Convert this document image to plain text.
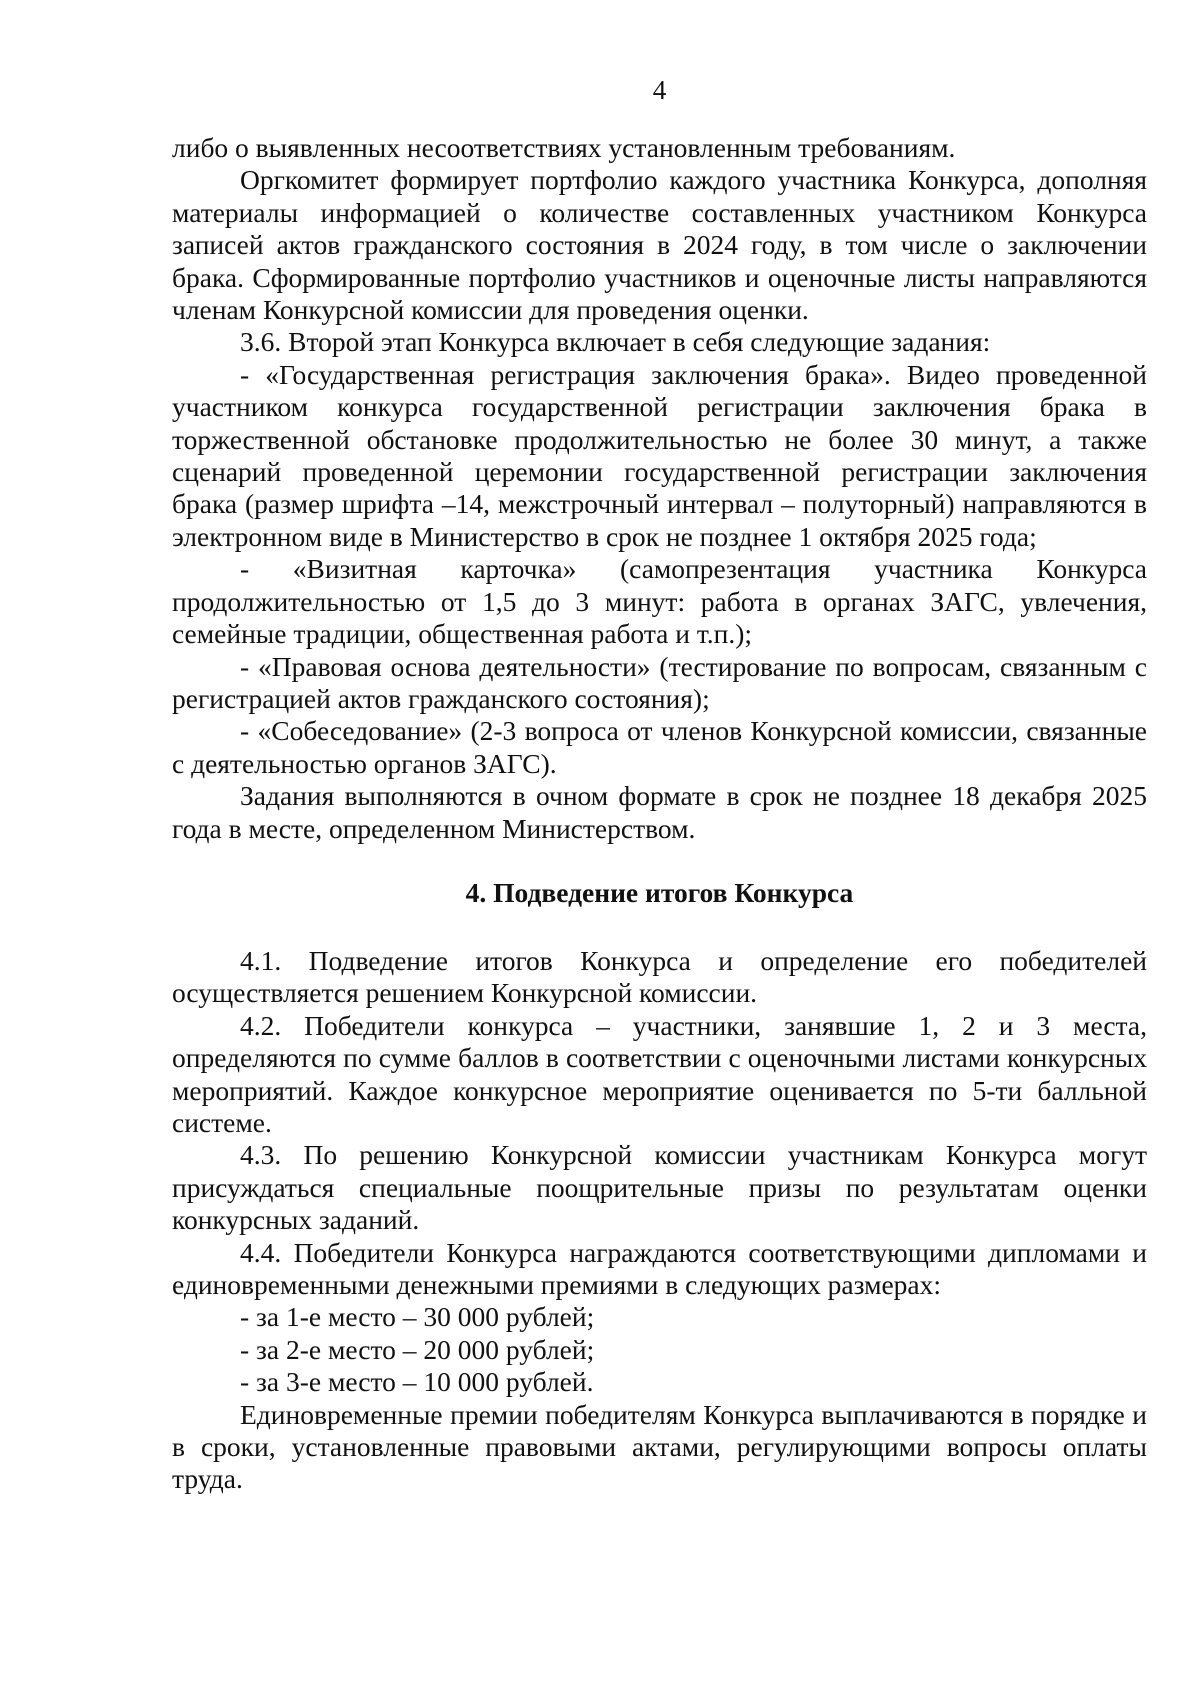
4

либо о выявленных несоответствиях установленным требованиям.

Оргкомитет формирует портфолио каждого участника Конкурса, дополняя материалы информацией о количестве составленных участником Конкурса записей актов гражданского состояния в 2024 году, в том числе о заключении брака. Сформированные портфолио участников и оценочные листы направляются членам Конкурсной комиссии для проведения оценки.

3.6. Второй этап Конкурса включает в себя следующие задания:

- «Государственная регистрация заключения брака». Видео проведенной участником конкурса государственной регистрации заключения брака в торжественной обстановке продолжительностью не более 30 минут, а также сценарий проведенной церемонии государственной регистрации заключения брака (размер шрифта –14, межстрочный интервал – полуторный) направляются в электронном виде в Министерство в срок не позднее 1 октября 2025 года;

- «Визитная карточка» (самопрезентация участника Конкурса продолжительностью от 1,5 до 3 минут: работа в органах ЗАГС, увлечения, семейные традиции, общественная работа и т.п.);

- «Правовая основа деятельности» (тестирование по вопросам, связанным с регистрацией актов гражданского состояния);

- «Собеседование» (2-3 вопроса от членов Конкурсной комиссии, связанные с деятельностью органов ЗАГС).

Задания выполняются в очном формате в срок не позднее 18 декабря 2025 года в месте, определенном Министерством.

4. Подведение итогов Конкурса

4.1. Подведение итогов Конкурса и определение его победителей осуществляется решением Конкурсной комиссии.

4.2. Победители конкурса – участники, занявшие 1, 2 и 3 места, определяются по сумме баллов в соответствии с оценочными листами конкурсных мероприятий. Каждое конкурсное мероприятие оценивается по 5-ти балльной системе.

4.3. По решению Конкурсной комиссии участникам Конкурса могут присуждаться специальные поощрительные призы по результатам оценки конкурсных заданий.

4.4. Победители Конкурса награждаются соответствующими дипломами и единовременными денежными премиями в следующих размерах:

- за 1-е место – 30 000 рублей;

- за 2-е место – 20 000 рублей;

- за 3-е место – 10 000 рублей.

Единовременные премии победителям Конкурса выплачиваются в порядке и в сроки, установленные правовыми актами, регулирующими вопросы оплаты труда.
